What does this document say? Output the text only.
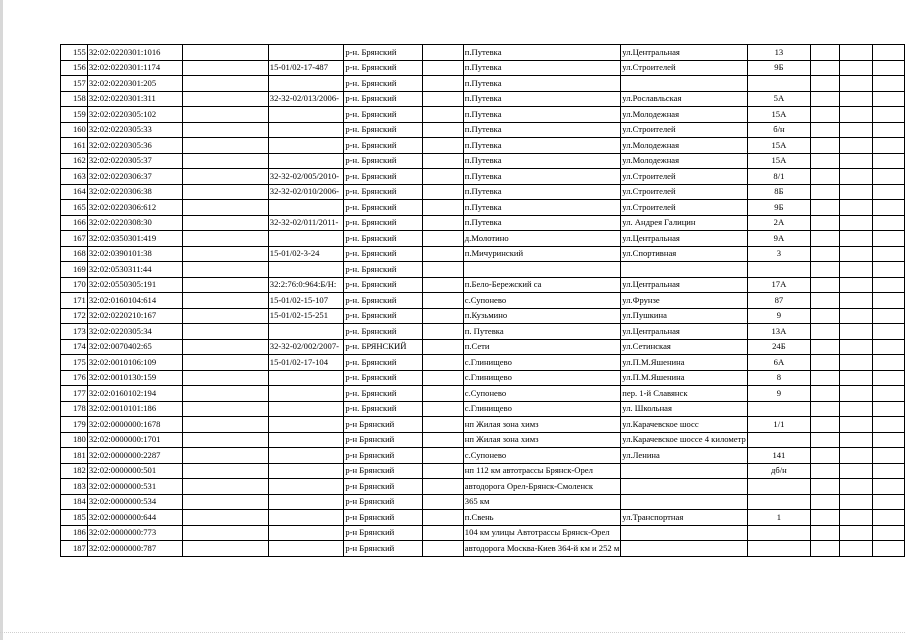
155	32:02:0220301:1016			р-н. Брянский		п.Путевка	ул.Центральная	13			
156	32:02:0220301:1174		15-01/02-17-487	р-н. Брянский		п.Путевка	ул.Строителей	9Б			
157	32:02:0220301:205			р-н. Брянский		п.Путевка					
158	32:02:0220301:311		32-32-02/013/2006-	р-н. Брянский		п.Путевка	ул.Рославльская	5А			
159	32:02:0220305:102			р-н. Брянский		п.Путевка	ул.Молодежная	15А			
160	32:02:0220305:33			р-н. Брянский		п.Путевка	ул.Строителей	б/н			
161	32:02:0220305:36			р-н. Брянский		п.Путевка	ул.Молодежная	15А			
162	32:02:0220305:37			р-н. Брянский		п.Путевка	ул.Молодежная	15А			
163	32:02:0220306:37		32-32-02/005/2010-	р-н. Брянский		п.Путевка	ул.Строителей	8/1			
164	32:02:0220306:38		32-32-02/010/2006-	р-н. Брянский		п.Путевка	ул.Строителей	8Б			
165	32:02:0220306:612			р-н. Брянский		п.Путевка	ул.Строителей	9Б			
166	32:02:0220308:30		32-32-02/011/2011-	р-н. Брянский		п.Путевка	ул. Андрея Галицин	2А			
167	32:02:0350301:419			р-н. Брянский		д.Молотино	ул.Центральная	9А			
168	32:02:0390101:38		15-01/02-3-24	р-н. Брянский		п.Мичуринский	ул.Спортивная	3			
169	32:02:0530311:44			р-н. Брянский							
170	32:02:0550305:191		32:2:76:0:964:Б/Н:	р-н. Брянский		п.Бело-Бережский са	ул.Центральная	17А			
171	32:02:0160104:614		15-01/02-15-107	р-н. Брянский		с.Супонево	ул.Фрунзе	87			
172	32:02:0220210:167		15-01/02-15-251	р-н. Брянский		п.Кузьмино	ул.Пушкина	9			
173	32:02:0220305:34			р-н. Брянский		п. Путевка	ул.Центральная	13А			
174	32:02:0070402:65		32-32-02/002/2007-	р-н. БРЯНСКИЙ		п.Сети	ул.Сетинская	24Б			
175	32:02:0010106:109		15-01/02-17-104	р-н. Брянский		с.Глинищево	ул.П.М.Яшенина	6А			
176	32:02:0010130:159			р-н. Брянский		с.Глинищево	ул.П.М.Яшенина	8			
177	32:02:0160102:194			р-н. Брянский		с.Супонево	пер. 1-й Славянск	9			
178	32:02:0010101:186			р-н. Брянский		с.Глинищево	ул. Школьная				
179	32:02:0000000:1678			р-н Брянский		нп Жилая зона химз	ул.Карачевское шосс	1/1			
180	32:02:0000000:1701			р-н Брянский		нп Жилая зона химз	ул.Карачевское шоссе 4 километр				
181	32:02:0000000:2287			р-н Брянский		с.Супонево	ул.Ленина	141			
182	32:02:0000000:501			р-н Брянский		нп 112 км автотрассы Брянск-Орел		дб/н			
183	32:02:0000000:531			р-н Брянский		автодорога Орел-Брянск-Смоленск					
184	32:02:0000000:534			р-н Брянский		365 км					
185	32:02:0000000:644			р-н Брянский		п.Свень	ул.Транспортная	1			
186	32:02:0000000:773			р-н Брянский		104 км улицы Автотрассы Брянск-Орел					
187	32:02:0000000:787			р-н Брянский		автодорога Москва-Киев 364-й км и 252 м					
